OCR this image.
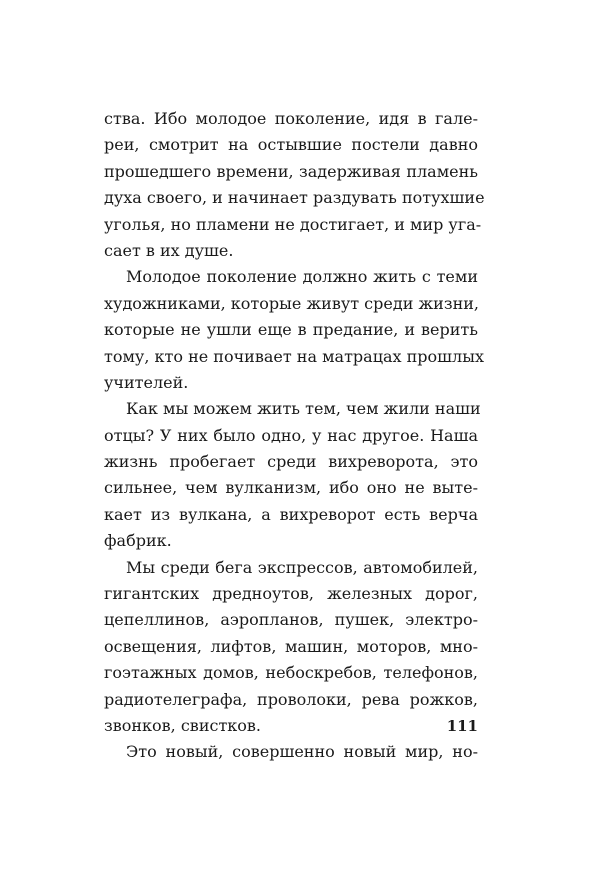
ства. Ибо молодое поколение, идя в гале-
реи, смотрит на остывшие постели давно
прошедшего времени, задерживая пламень
духа своего, и начинает раздувать потухшие
уголья, но пламени не достигает, и мир уга-
сает в их душе.
Молодое поколение должно жить с теми
художниками, которые живут среди жизни,
которые не ушли еще в предание, и верить
тому, кто не почивает на матрацах прошлых
учителей.
Как мы можем жить тем, чем жили наши
отцы? У них было одно, у нас другое. Наша
жизнь пробегает среди вихреворота, это
сильнее, чем вулканизм, ибо оно не выте-
кает из вулкана, а вихреворот есть верча
фабрик.
Мы среди бега экспрессов, автомобилей,
гигантских дредноутов, железных дорог,
цепеллинов, аэропланов, пушек, электро-
освещения, лифтов, машин, моторов, мно-
гоэтажных домов, небоскребов, телефонов,
радиотелеграфа, проволоки, рева рожков,
звонков, свистков.
Это новый, совершенно новый мир, но-
111
